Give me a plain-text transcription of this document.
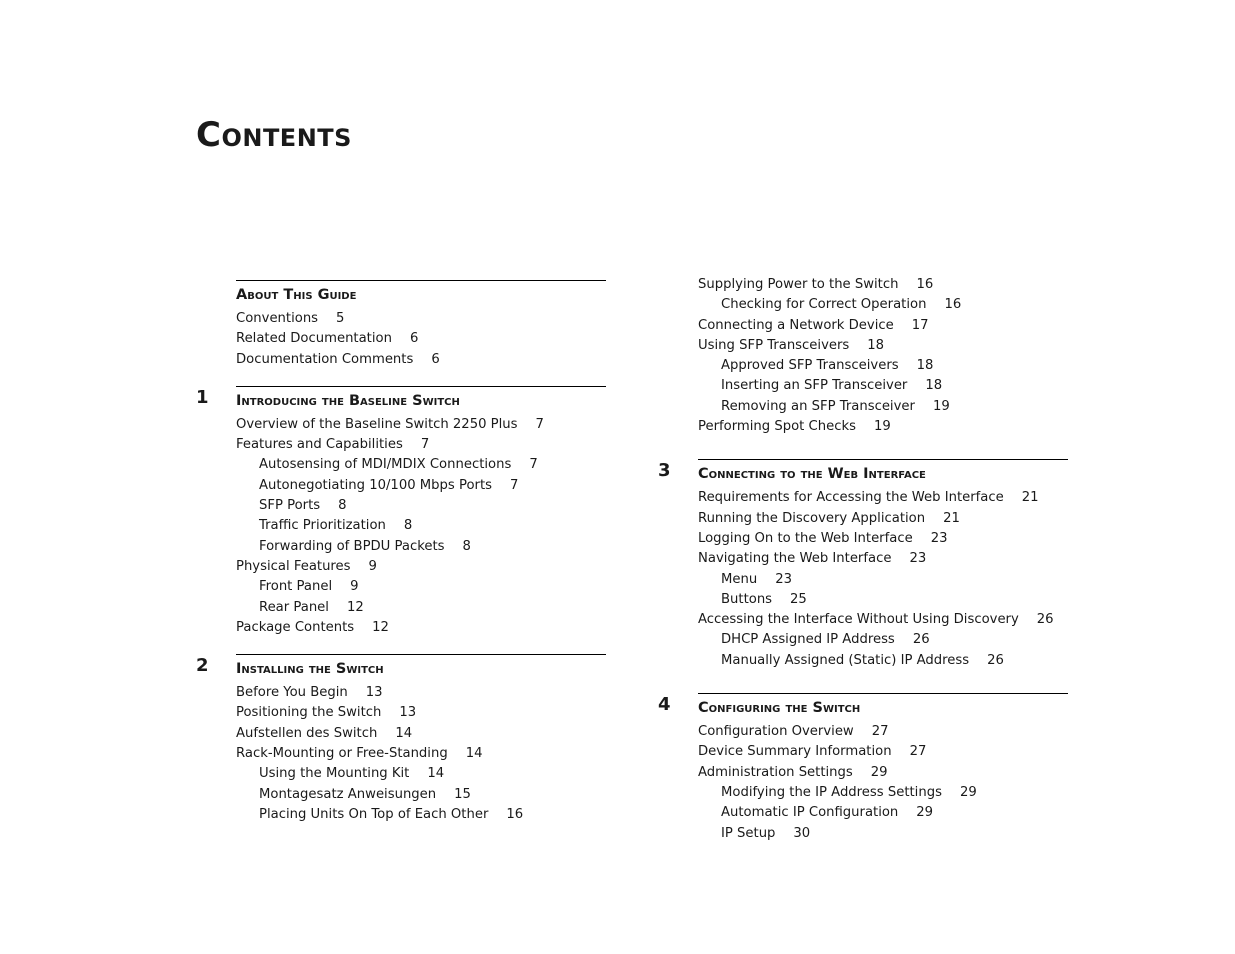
Contents
About This Guide
Conventions 5
Related Documentation 6
Documentation Comments 6
1 Introducing the Baseline Switch
Overview of the Baseline Switch 2250 Plus 7
Features and Capabilities 7
Autosensing of MDI/MDIX Connections 7
Autonegotiating 10/100 Mbps Ports 7
SFP Ports 8
Traffic Prioritization 8
Forwarding of BPDU Packets 8
Physical Features 9
Front Panel 9
Rear Panel 12
Package Contents 12
2 Installing the Switch
Before You Begin 13
Positioning the Switch 13
Aufstellen des Switch 14
Rack-Mounting or Free-Standing 14
Using the Mounting Kit 14
Montagesatz Anweisungen 15
Placing Units On Top of Each Other 16
Supplying Power to the Switch 16
Checking for Correct Operation 16
Connecting a Network Device 17
Using SFP Transceivers 18
Approved SFP Transceivers 18
Inserting an SFP Transceiver 18
Removing an SFP Transceiver 19
Performing Spot Checks 19
3 Connecting to the Web Interface
Requirements for Accessing the Web Interface 21
Running the Discovery Application 21
Logging On to the Web Interface 23
Navigating the Web Interface 23
Menu 23
Buttons 25
Accessing the Interface Without Using Discovery 26
DHCP Assigned IP Address 26
Manually Assigned (Static) IP Address 26
4 Configuring the Switch
Configuration Overview 27
Device Summary Information 27
Administration Settings 29
Modifying the IP Address Settings 29
Automatic IP Configuration 29
IP Setup 30
